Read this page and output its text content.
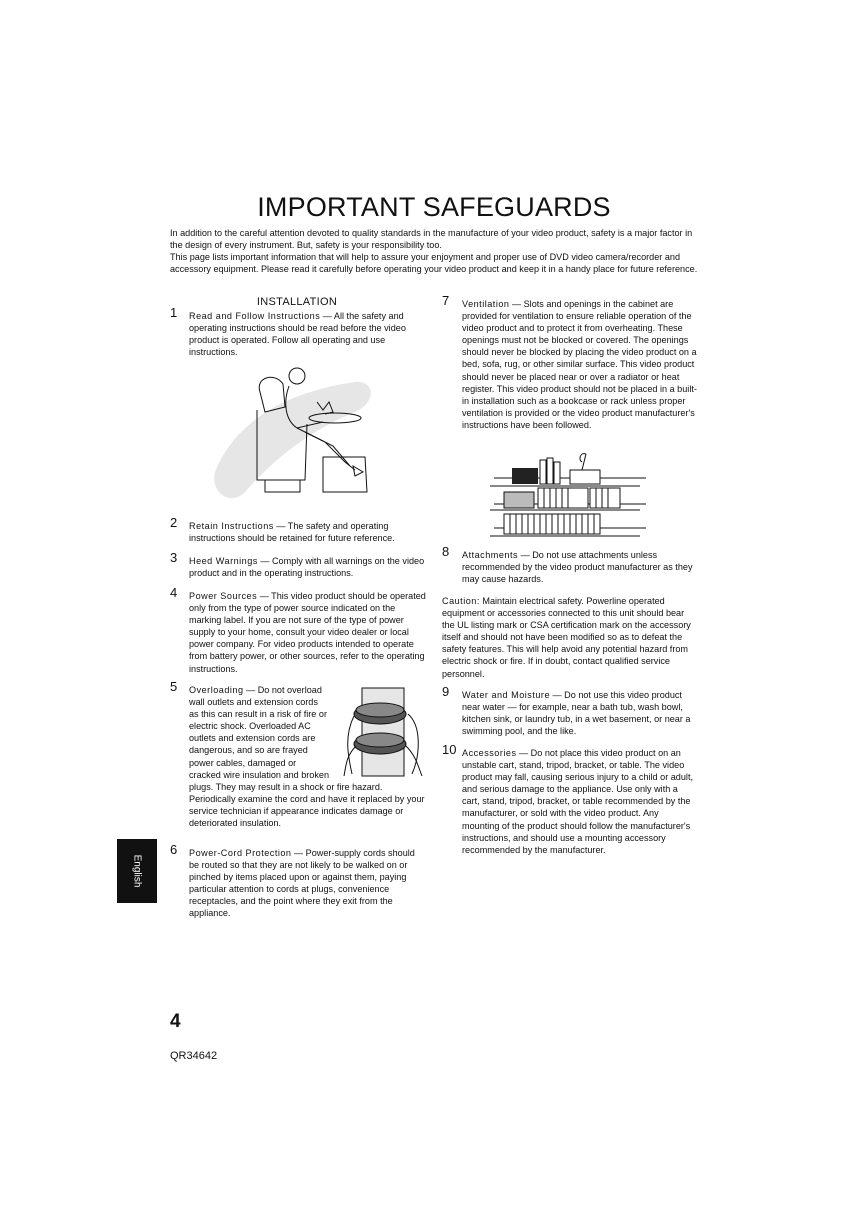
IMPORTANT SAFEGUARDS

In addition to the careful attention devoted to quality standards in the manufacture of your video product, safety is a major factor in the design of every instrument. But, safety is your responsibility too.

This page lists important information that will help to assure your enjoyment and proper use of DVD video camera/recorder and accessory equipment. Please read it carefully before operating your video product and keep it in a handy place for future reference.

INSTALLATION
1 Read and Follow Instructions — All the safety and operating instructions should be read before the video product is operated. Follow all operating and use instructions.
2 Retain Instructions — The safety and operating instructions should be retained for future reference.
3 Heed Warnings — Comply with all warnings on the video product and in the operating instructions.
4 Power Sources — This video product should be operated only from the type of power source indicated on the marking label. If you are not sure of the type of power supply to your home, consult your video dealer or local power company. For video products intended to operate from battery power, or other sources, refer to the operating instructions.
5 Overloading — Do not overload wall outlets and extension cords as this can result in a risk of fire or electric shock. Overloaded AC outlets and extension cords are dangerous, and so are frayed power cables, damaged or cracked wire insulation and broken plugs. They may result in a shock or fire hazard. Periodically examine the cord and have it replaced by your service technician if appearance indicates damage or deteriorated insulation.
6 Power-Cord Protection — Power-supply cords should be routed so that they are not likely to be walked on or pinched by items placed upon or against them, paying particular attention to cords at plugs, convenience receptacles, and the point where they exit from the appliance.
7 Ventilation — Slots and openings in the cabinet are provided for ventilation to ensure reliable operation of the video product and to protect it from overheating. These openings must not be blocked or covered. The openings should never be blocked by placing the video product on a bed, sofa, rug, or other similar surface. This video product should never be placed near or over a radiator or heat register. This video product should not be placed in a built-in installation such as a bookcase or rack unless proper ventilation is provided or the video product manufacturer's instructions have been followed.
8 Attachments — Do not use attachments unless recommended by the video product manufacturer as they may cause hazards.
Caution: Maintain electrical safety. Powerline operated equipment or accessories connected to this unit should bear the UL listing mark or CSA certification mark on the accessory itself and should not have been modified so as to defeat the safety features. This will help avoid any potential hazard from electric shock or fire. If in doubt, contact qualified service personnel.
9 Water and Moisture — Do not use this video product near water — for example, near a bath tub, wash bowl, kitchen sink, or laundry tub, in a wet basement, or near a swimming pool, and the like.
10 Accessories — Do not place this video product on an unstable cart, stand, tripod, bracket, or table. The video product may fall, causing serious injury to a child or adult, and serious damage to the appliance. Use only with a cart, stand, tripod, bracket, or table recommended by the manufacturer, or sold with the video product. Any mounting of the product should follow the manufacturer's instructions, and should use a mounting accessory recommended by the manufacturer.
English
4
QR34642
